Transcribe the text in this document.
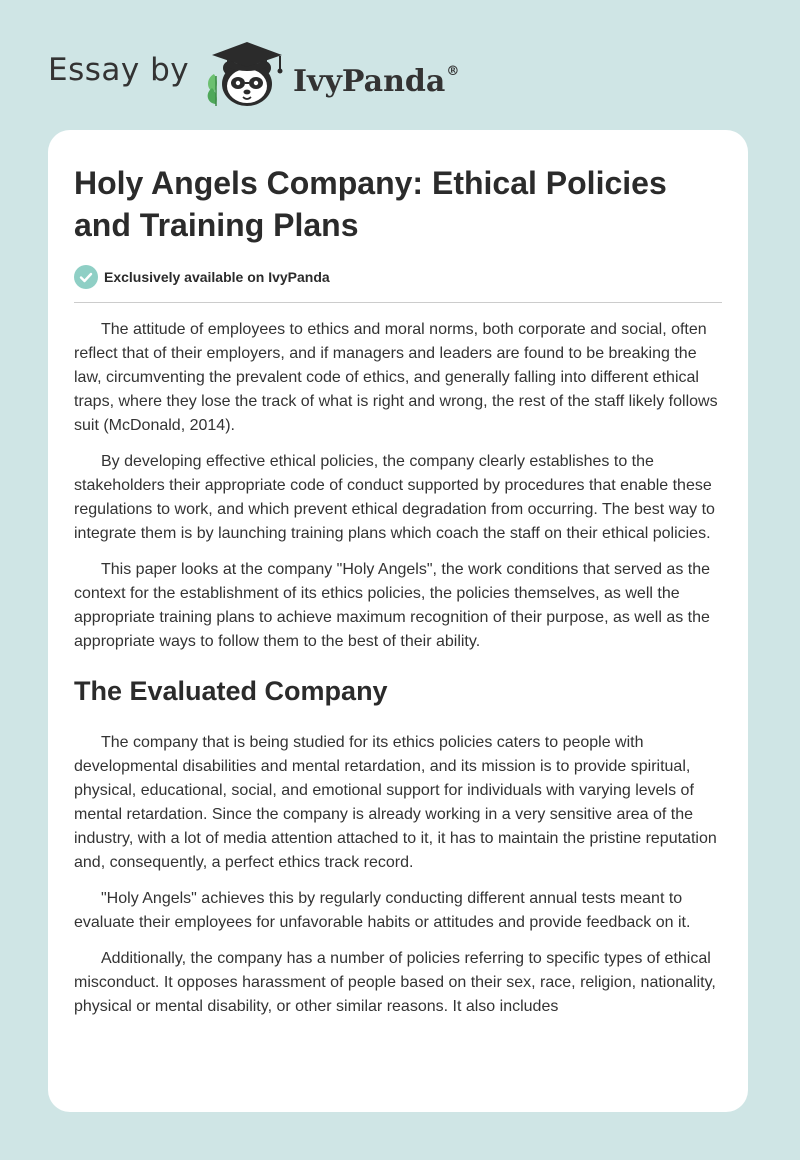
Essay by	IvyPanda®
Holy Angels Company: Ethical Policies and Training Plans
Exclusively available on IvyPanda

The attitude of employees to ethics and moral norms, both corporate and social, often reflect that of their employers, and if managers and leaders are found to be breaking the law, circumventing the prevalent code of ethics, and generally falling into different ethical traps, where they lose the track of what is right and wrong, the rest of the staff likely follows suit (McDonald, 2014).

By developing effective ethical policies, the company clearly establishes to the stakeholders their appropriate code of conduct supported by procedures that enable these regulations to work, and which prevent ethical degradation from occurring. The best way to integrate them is by launching training plans which coach the staff on their ethical policies.

This paper looks at the company "Holy Angels", the work conditions that served as the context for the establishment of its ethics policies, the policies themselves, as well the appropriate training plans to achieve maximum recognition of their purpose, as well as the appropriate ways to follow them to the best of their ability.

The Evaluated Company

The company that is being studied for its ethics policies caters to people with developmental disabilities and mental retardation, and its mission is to provide spiritual, physical, educational, social, and emotional support for individuals with varying levels of mental retardation. Since the company is already working in a very sensitive area of the industry, with a lot of media attention attached to it, it has to maintain the pristine reputation and, consequently, a perfect ethics track record.

"Holy Angels" achieves this by regularly conducting different annual tests meant to evaluate their employees for unfavorable habits or attitudes and provide feedback on it.

Additionally, the company has a number of policies referring to specific types of ethical misconduct. It opposes harassment of people based on their sex, race, religion, nationality, physical or mental disability, or other similar reasons. It also includes
